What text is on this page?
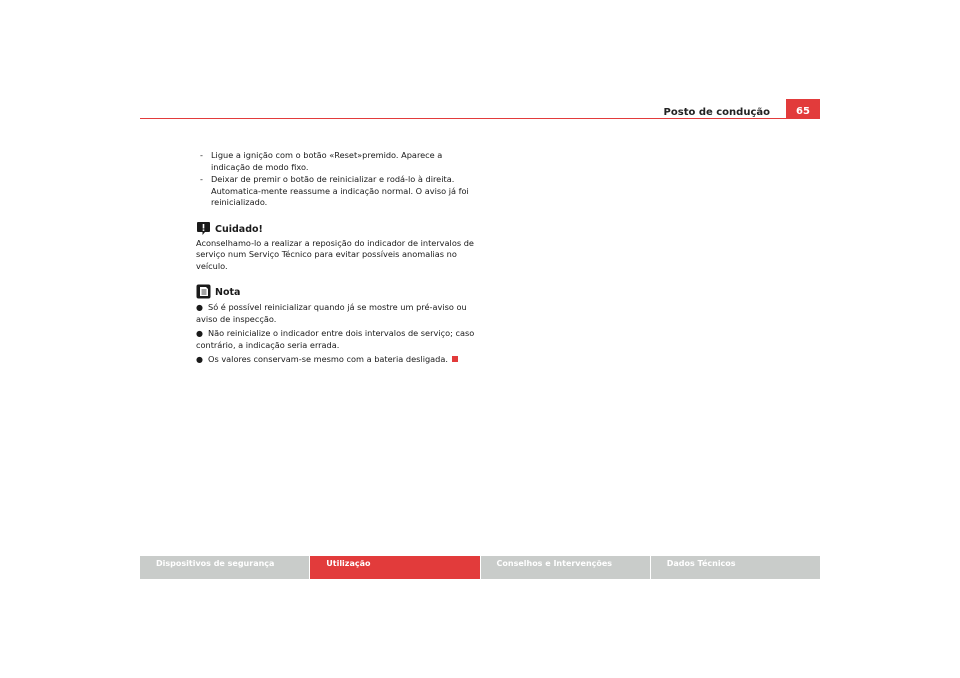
Posto de condução	65
- Ligue a ignição com o botão «Reset»premido. Aparece a indicação de modo fixo.
- Deixar de premir o botão de reinicializar e rodá-lo à direita. Automatica-mente reassume a indicação normal. O aviso já foi reinicializado.
Cuidado!
Aconselhamo-lo a realizar a reposição do indicador de intervalos de serviço num Serviço Técnico para evitar possíveis anomalias no veículo.
Nota
● Só é possível reinicializar quando já se mostre um pré-aviso ou aviso de inspecção.
● Não reinicialize o indicador entre dois intervalos de serviço; caso contrário, a indicação seria errada.
● Os valores conservam-se mesmo com a bateria desligada.
Dispositivos de segurança	Utilização	Conselhos e Intervenções	Dados Técnicos
